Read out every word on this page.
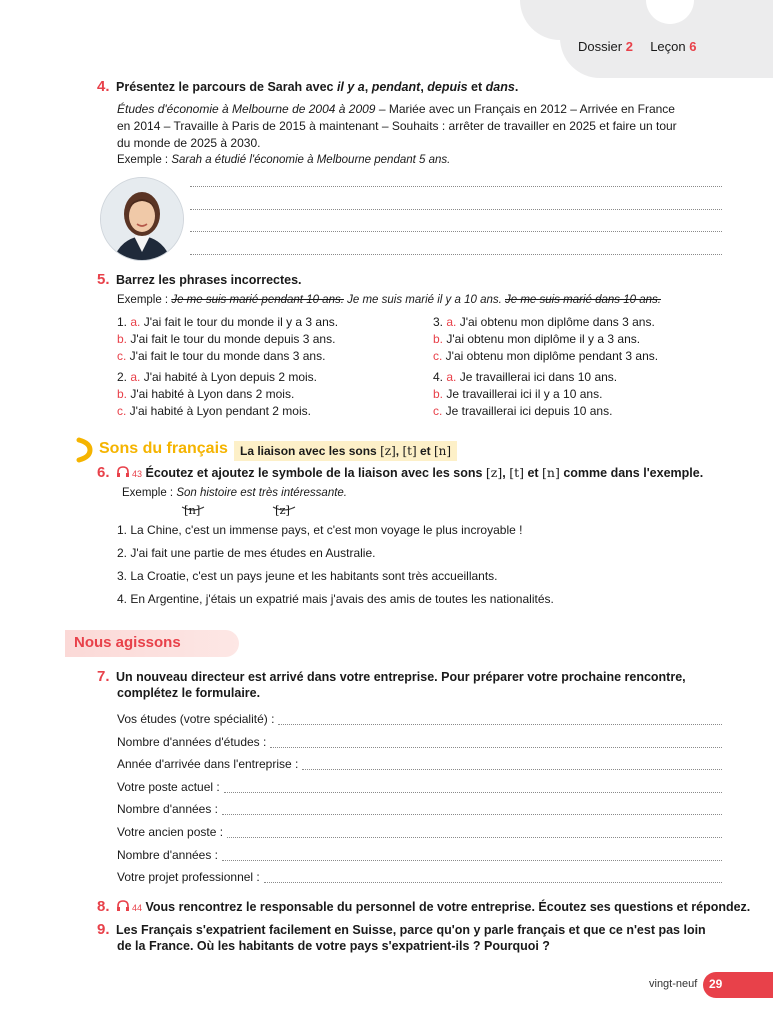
Dossier 2 Leçon 6
4. Présentez le parcours de Sarah avec il y a, pendant, depuis et dans.
Études d'économie à Melbourne de 2004 à 2009 – Mariée avec un Français en 2012 – Arrivée en France
en 2014 – Travaille à Paris de 2015 à maintenant – Souhaits : arrêter de travailler en 2025 et faire un tour
du monde de 2025 à 2030.
Exemple : Sarah a étudié l'économie à Melbourne pendant 5 ans.
5. Barrez les phrases incorrectes.
Exemple : Je me suis marié pendant 10 ans. Je me suis marié il y a 10 ans. Je me suis marié dans 10 ans.
1. a. J'ai fait le tour du monde il y a 3 ans.
b. J'ai fait le tour du monde depuis 3 ans.
c. J'ai fait le tour du monde dans 3 ans.
2. a. J'ai habité à Lyon depuis 2 mois.
b. J'ai habité à Lyon dans 2 mois.
c. J'ai habité à Lyon pendant 2 mois.
3. a. J'ai obtenu mon diplôme dans 3 ans.
b. J'ai obtenu mon diplôme il y a 3 ans.
c. J'ai obtenu mon diplôme pendant 3 ans.
4. a. Je travaillerai ici dans 10 ans.
b. Je travaillerai ici il y a 10 ans.
c. Je travaillerai ici depuis 10 ans.
Sons du français	La liaison avec les sons [z], [t] et [n]
6. 43 Écoutez et ajoutez le symbole de la liaison avec les sons [z], [t] et [n] comme dans l'exemple.
Exemple : Son histoire est très intéressante.
[n]	[z]
1. La Chine, c'est un immense pays, et c'est mon voyage le plus incroyable !
2. J'ai fait une partie de mes études en Australie.
3. La Croatie, c'est un pays jeune et les habitants sont très accueillants.
4. En Argentine, j'étais un expatrié mais j'avais des amis de toutes les nationalités.
Nous agissons
7. Un nouveau directeur est arrivé dans votre entreprise. Pour préparer votre prochaine rencontre,
complétez le formulaire.
Vos études (votre spécialité) :
Nombre d'années d'études :
Année d'arrivée dans l'entreprise :
Votre poste actuel :
Nombre d'années :
Votre ancien poste :
Nombre d'années :
Votre projet professionnel :
8. 44 Vous rencontrez le responsable du personnel de votre entreprise. Écoutez ses questions et répondez.
9. Les Français s'expatrient facilement en Suisse, parce qu'on y parle français et que ce n'est pas loin
de la France. Où les habitants de votre pays s'expatrient-ils ? Pourquoi ?
vingt-neuf 29
